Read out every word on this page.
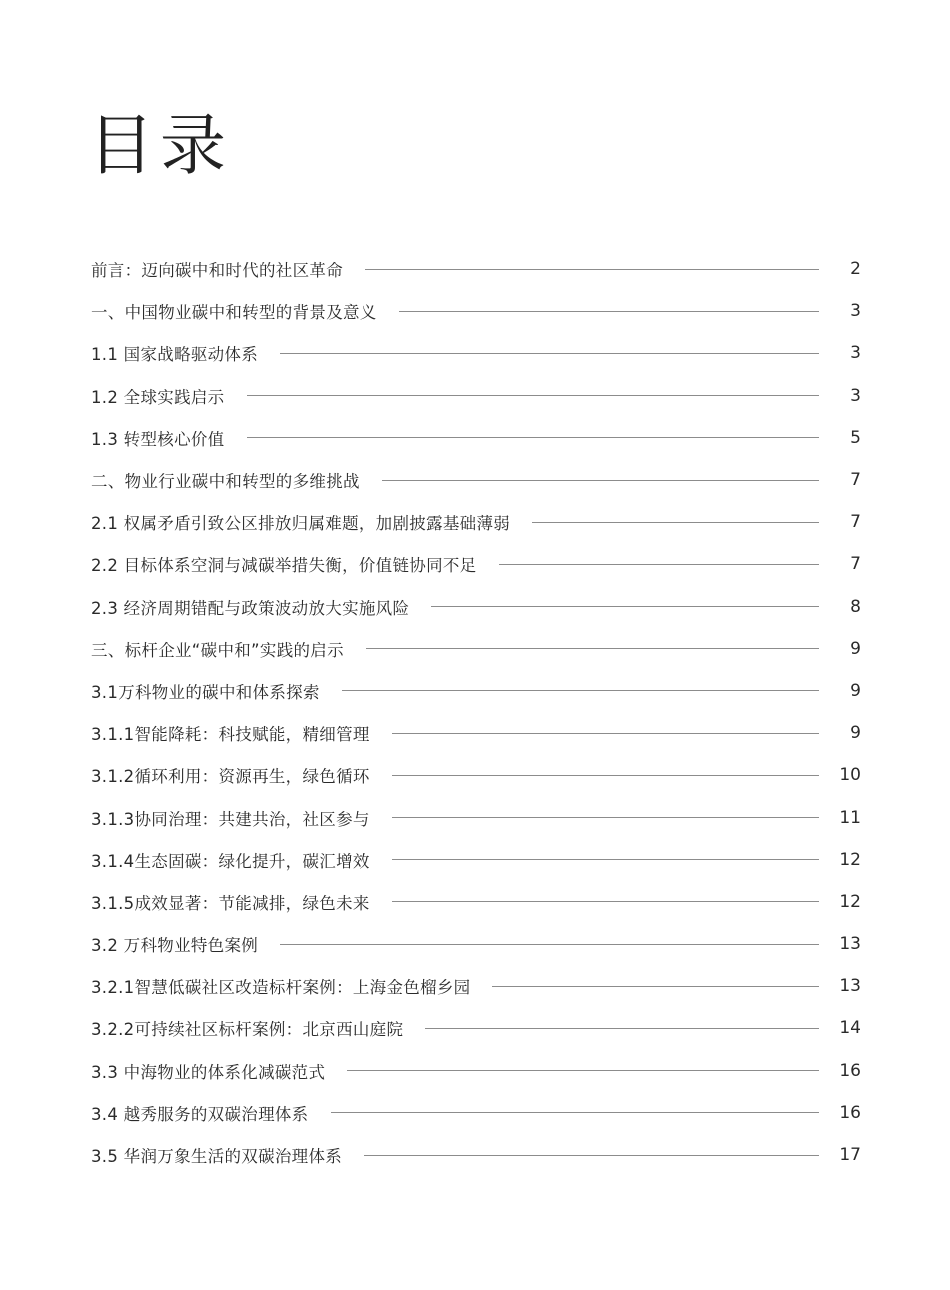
目录
前言：迈向碳中和时代的社区革命	2
一、中国物业碳中和转型的背景及意义	3
1.1 国家战略驱动体系	3
1.2 全球实践启示	3
1.3 转型核心价值	5
二、物业行业碳中和转型的多维挑战	7
2.1 权属矛盾引致公区排放归属难题，加剧披露基础薄弱	7
2.2 目标体系空洞与减碳举措失衡，价值链协同不足	7
2.3 经济周期错配与政策波动放大实施风险	8
三、标杆企业“碳中和”实践的启示	9
3.1万科物业的碳中和体系探索	9
3.1.1智能降耗：科技赋能，精细管理	9
3.1.2循环利用：资源再生，绿色循环	10
3.1.3协同治理：共建共治，社区参与	11
3.1.4生态固碳：绿化提升，碳汇增效	12
3.1.5成效显著：节能减排，绿色未来	12
3.2 万科物业特色案例	13
3.2.1智慧低碳社区改造标杆案例：上海金色榴乡园	13
3.2.2可持续社区标杆案例：北京西山庭院	14
3.3 中海物业的体系化减碳范式	16
3.4 越秀服务的双碳治理体系	16
3.5 华润万象生活的双碳治理体系	17
